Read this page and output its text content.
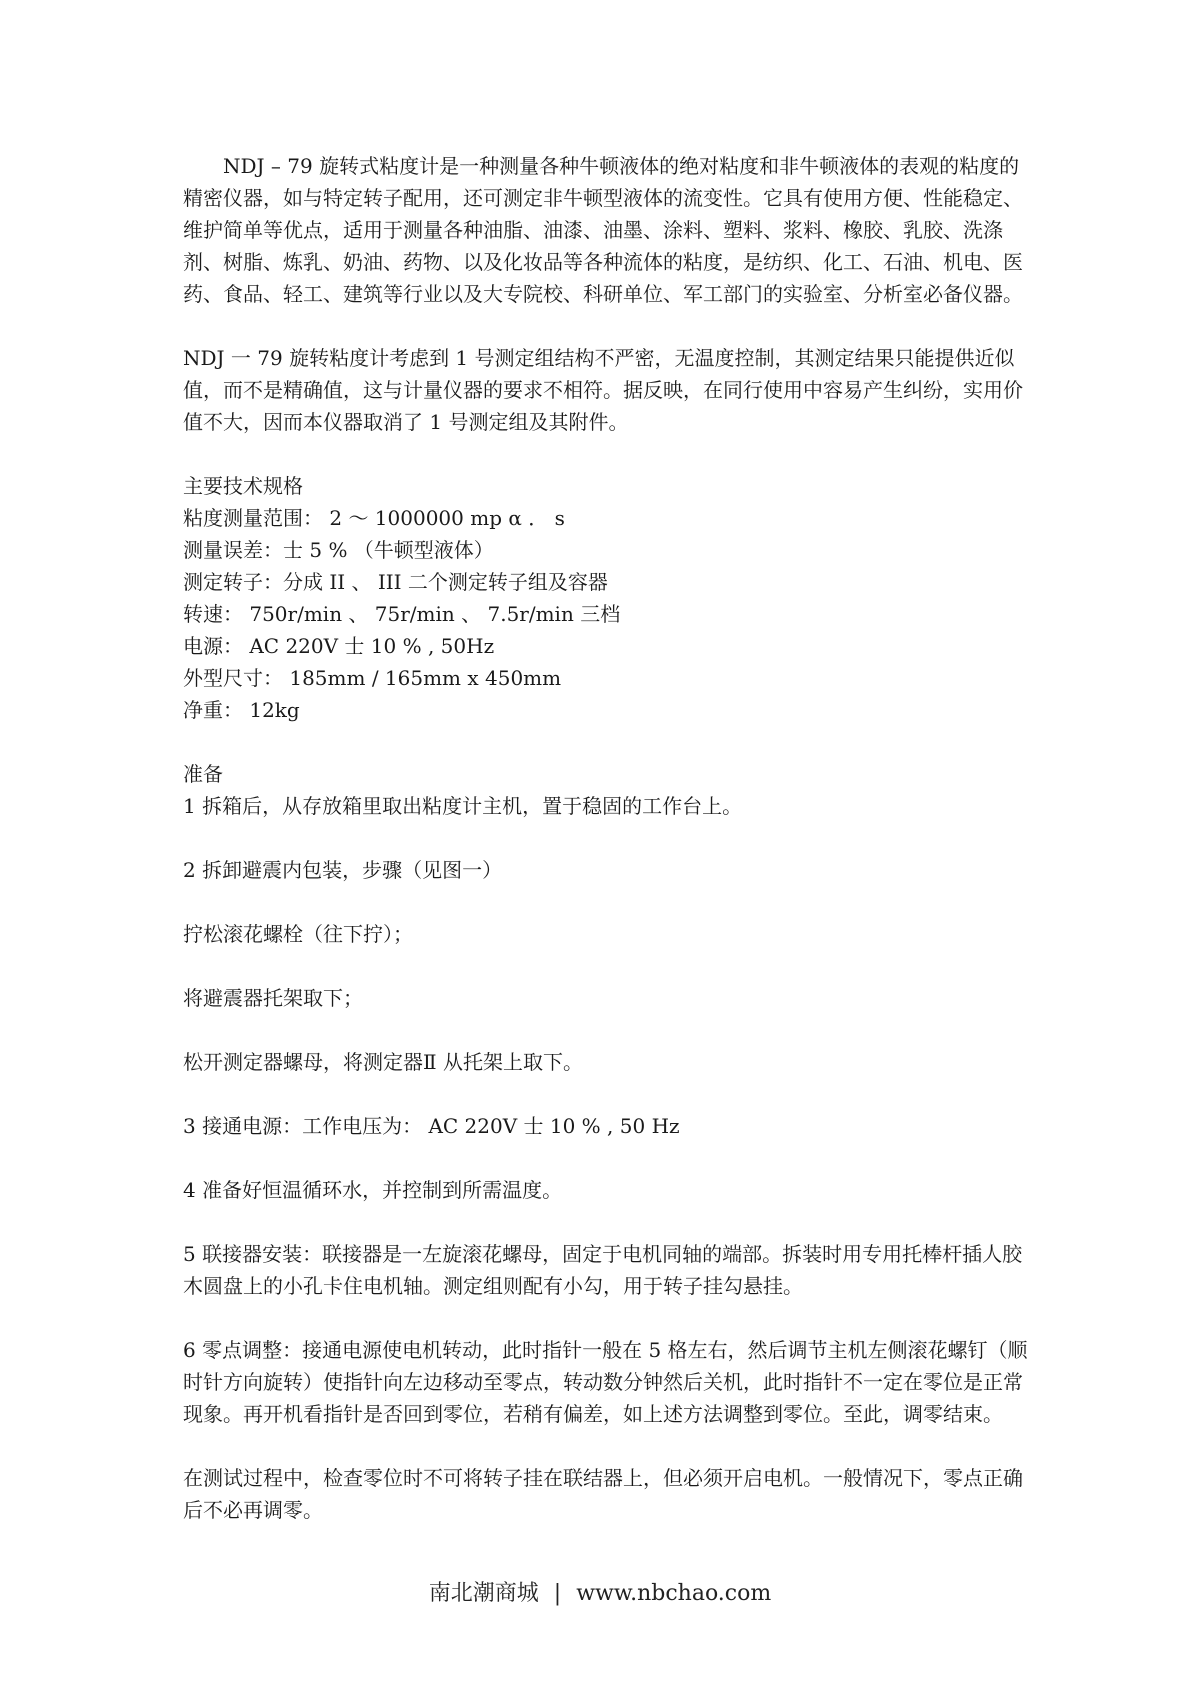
NDJ – 79 旋转式粘度计是一种测量各种牛顿液体的绝对粘度和非牛顿液体的表观的粘度的精密仪器，如与特定转子配用，还可测定非牛顿型液体的流变性。它具有使用方便、性能稳定、维护简单等优点，适用于测量各种油脂、油漆、油墨、涂料、塑料、浆料、橡胶、乳胶、洗涤剂、树脂、炼乳、奶油、药物、以及化妆品等各种流体的粘度，是纺织、化工、石油、机电、医药、食品、轻工、建筑等行业以及大专院校、科研单位、军工部门的实验室、分析室必备仪器。

NDJ 一 79 旋转粘度计考虑到 1 号测定组结构不严密，无温度控制，其测定结果只能提供近似值，而不是精确值，这与计量仪器的要求不相符。据反映，在同行使用中容易产生纠纷，实用价值不大，因而本仪器取消了 1 号测定组及其附件。

主要技术规格

粘度测量范围： 2 ～ 1000000 mp α ． s

测量误差：士 5 % （牛顿型液体）

测定转子：分成 II 、 III 二个测定转子组及容器

转速： 750r/min 、 75r/min 、 7.5r/min 三档

电源： AC 220V 士 10 % , 50Hz

外型尺寸： 185mm / 165mm x 450mm

净重： 12kg

准备

1 拆箱后，从存放箱里取出粘度计主机，置于稳固的工作台上。

2 拆卸避震内包装，步骤（见图一）

拧松滚花螺栓（往下拧）；

将避震器托架取下；

松开测定器螺母，将测定器Ⅱ 从托架上取下。

3 接通电源：工作电压为： AC 220V 士 10 % , 50 Hz

4 准备好恒温循环水，并控制到所需温度。

5 联接器安装：联接器是一左旋滚花螺母，固定于电机同轴的端部。拆装时用专用托棒杆插人胶木圆盘上的小孔卡住电机轴。测定组则配有小勾，用于转子挂勾悬挂。

6 零点调整：接通电源使电机转动，此时指针一般在 5 格左右，然后调节主机左侧滚花螺钉（顺时针方向旋转）使指针向左边移动至零点，转动数分钟然后关机，此时指针不一定在零位是正常现象。再开机看指针是否回到零位，若稍有偏差，如上述方法调整到零位。至此，调零结束。

在测试过程中，检查零位时不可将转子挂在联结器上，但必须开启电机。一般情况下，零点正确后不必再调零。

南北潮商城 | www.nbchao.com
